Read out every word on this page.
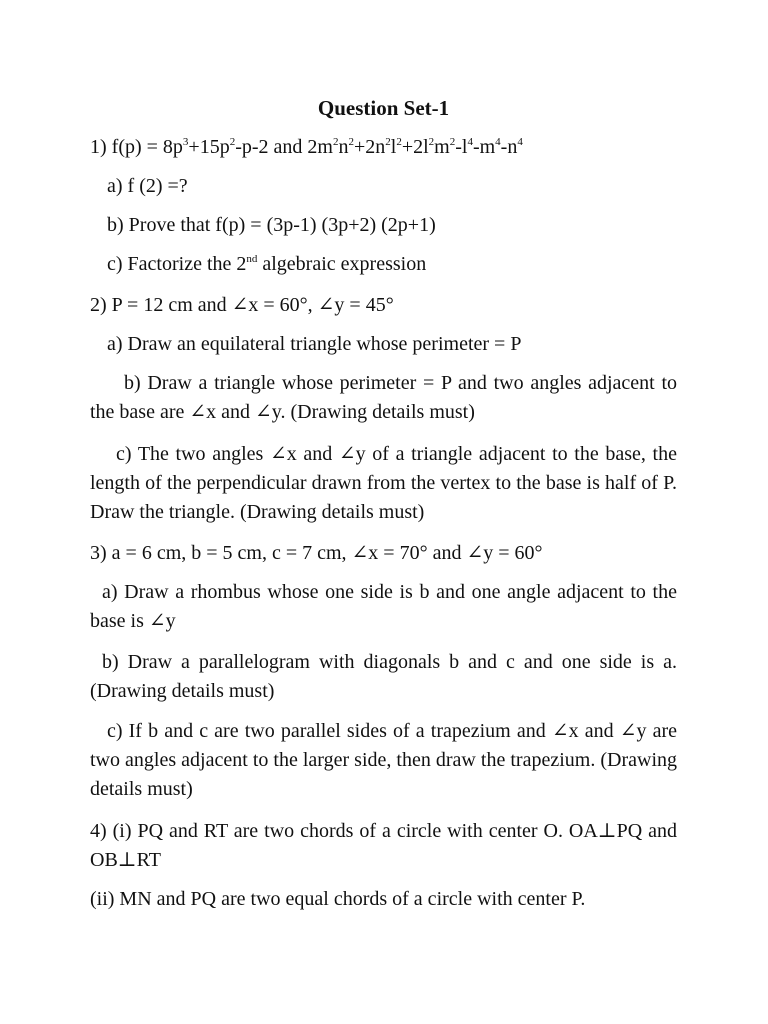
Question Set-1
1) $f(p) = 8p^3+15p^2-p-2$ and $2m^2n^2+2n^2l^2+2l^2m^2-l^4-m^4-n^4$
a) f (2) =?
b) Prove that f(p) = (3p-1) (3p+2) (2p+1)
c) Factorize the 2nd algebraic expression
2) P = 12 cm and ∠x = 60°, ∠y = 45°
a) Draw an equilateral triangle whose perimeter = P
b) Draw a triangle whose perimeter = P and two angles adjacent to the base are ∠x and ∠y. (Drawing details must)
c) The two angles ∠x and ∠y of a triangle adjacent to the base, the length of the perpendicular drawn from the vertex to the base is half of P. Draw the triangle. (Drawing details must)
3) a = 6 cm, b = 5 cm, c = 7 cm, ∠x = 70° and ∠y = 60°
a) Draw a rhombus whose one side is b and one angle adjacent to the base is ∠y
b) Draw a parallelogram with diagonals b and c and one side is a. (Drawing details must)
c) If b and c are two parallel sides of a trapezium and ∠x and ∠y are two angles adjacent to the larger side, then draw the trapezium. (Drawing details must)
4) (i) PQ and RT are two chords of a circle with center O. OA⊥PQ and OB⊥RT
(ii) MN and PQ are two equal chords of a circle with center P.
